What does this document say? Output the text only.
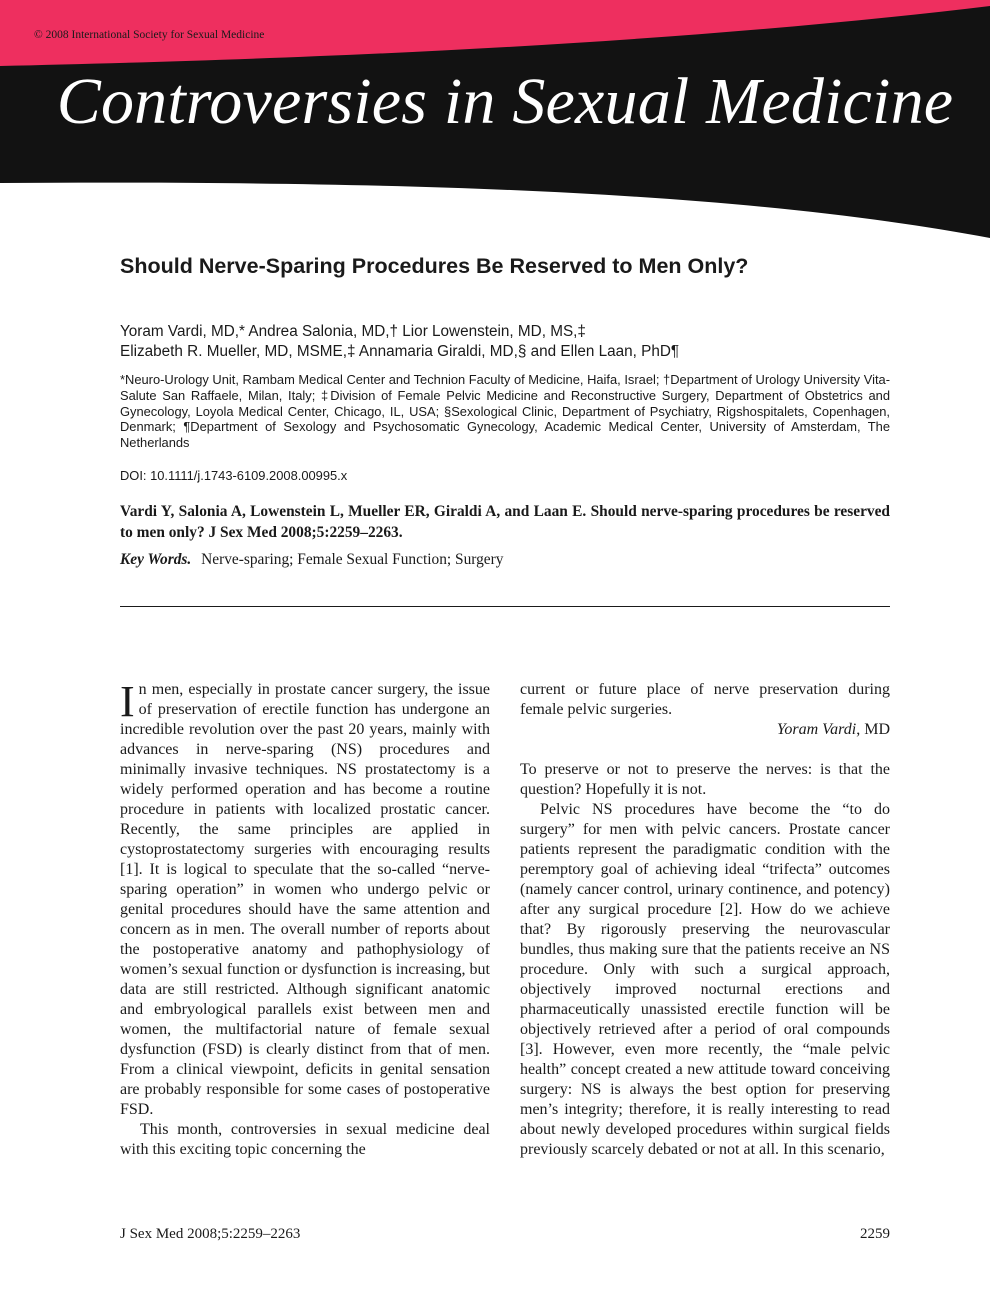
© 2008 International Society for Sexual Medicine
Controversies in Sexual Medicine
Should Nerve-Sparing Procedures Be Reserved to Men Only?
Yoram Vardi, MD,* Andrea Salonia, MD,† Lior Lowenstein, MD, MS,‡
Elizabeth R. Mueller, MD, MSME,‡ Annamaria Giraldi, MD,§ and Ellen Laan, PhD¶
*Neuro-Urology Unit, Rambam Medical Center and Technion Faculty of Medicine, Haifa, Israel; †Department of Urology University Vita-Salute San Raffaele, Milan, Italy; ‡Division of Female Pelvic Medicine and Reconstructive Surgery, Department of Obstetrics and Gynecology, Loyola Medical Center, Chicago, IL, USA; §Sexological Clinic, Department of Psychiatry, Rigshospitalets, Copenhagen, Denmark; ¶Department of Sexology and Psychosomatic Gynecology, Academic Medical Center, University of Amsterdam, The Netherlands
DOI: 10.1111/j.1743-6109.2008.00995.x
Vardi Y, Salonia A, Lowenstein L, Mueller ER, Giraldi A, and Laan E. Should nerve-sparing procedures be reserved to men only? J Sex Med 2008;5:2259–2263.
Key Words. Nerve-sparing; Female Sexual Function; Surgery

In men, especially in prostate cancer surgery, the issue of preservation of erectile function has undergone an incredible revolution over the past 20 years, mainly with advances in nerve-sparing (NS) procedures and minimally invasive techniques. NS prostatectomy is a widely performed operation and has become a routine procedure in patients with localized prostatic cancer. Recently, the same principles are applied in cystoprostatectomy surgeries with encouraging results [1]. It is logical to speculate that the so-called “nerve-sparing operation” in women who undergo pelvic or genital procedures should have the same attention and concern as in men. The overall number of reports about the postoperative anatomy and pathophysiology of women’s sexual function or dysfunction is increasing, but data are still restricted. Although significant anatomic and embryological parallels exist between men and women, the multifactorial nature of female sexual dysfunction (FSD) is clearly distinct from that of men. From a clinical viewpoint, deficits in genital sensation are probably responsible for some cases of postoperative FSD.

This month, controversies in sexual medicine deal with this exciting topic concerning the

current or future place of nerve preservation during female pelvic surgeries.

Yoram Vardi, MD

To preserve or not to preserve the nerves: is that the question? Hopefully it is not.

Pelvic NS procedures have become the “to do surgery” for men with pelvic cancers. Prostate cancer patients represent the paradigmatic condition with the peremptory goal of achieving ideal “trifecta” outcomes (namely cancer control, urinary continence, and potency) after any surgical procedure [2]. How do we achieve that? By rigorously preserving the neurovascular bundles, thus making sure that the patients receive an NS procedure. Only with such a surgical approach, objectively improved nocturnal erections and pharmaceutically unassisted erectile function will be objectively retrieved after a period of oral compounds [3]. However, even more recently, the “male pelvic health” concept created a new attitude toward conceiving surgery: NS is always the best option for preserving men’s integrity; therefore, it is really interesting to read about newly developed procedures within surgical fields previously scarcely debated or not at all. In this scenario,

J Sex Med 2008;5:2259–2263	2259
